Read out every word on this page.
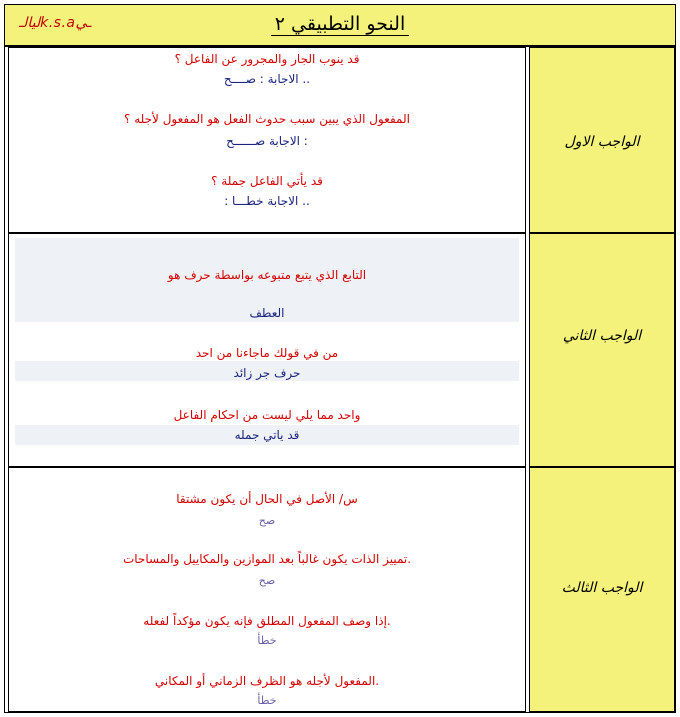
النحو التطبيقي ٢
ليالـk.s.aـي
قد ينوب الجار والمجرور عن الفاعل ؟
.. الاجابة : صــــح
المفعول الذي يبين سبب حدوث الفعل هو المفعول لأجله ؟
: الاجابة صــــــح
قد يأتي الفاعل جملة ؟
.. الاجابة خطـــا :
الواجب الاول
التابع الذي يتبع متبوعه بواسطة حرف هو
العطف
من في قولك ماجاءنا من احد
حرف جر زائد
واحد مما يلي ليست من احكام الفاعل
قد ياتي جمله
الواجب الثاني
س/ الأصل في الحال أن يكون مشتقا
صح
.تمييز الذات يكون غالباً بعد الموازين والمكاييل والمساحات
صح
.إذا وصف المفعول المطلق فإنه يكون مؤكداً لفعله
خطأ
.المفعول لأجله هو الظرف الزماني أو المكاني
خطأ
الواجب الثالث
